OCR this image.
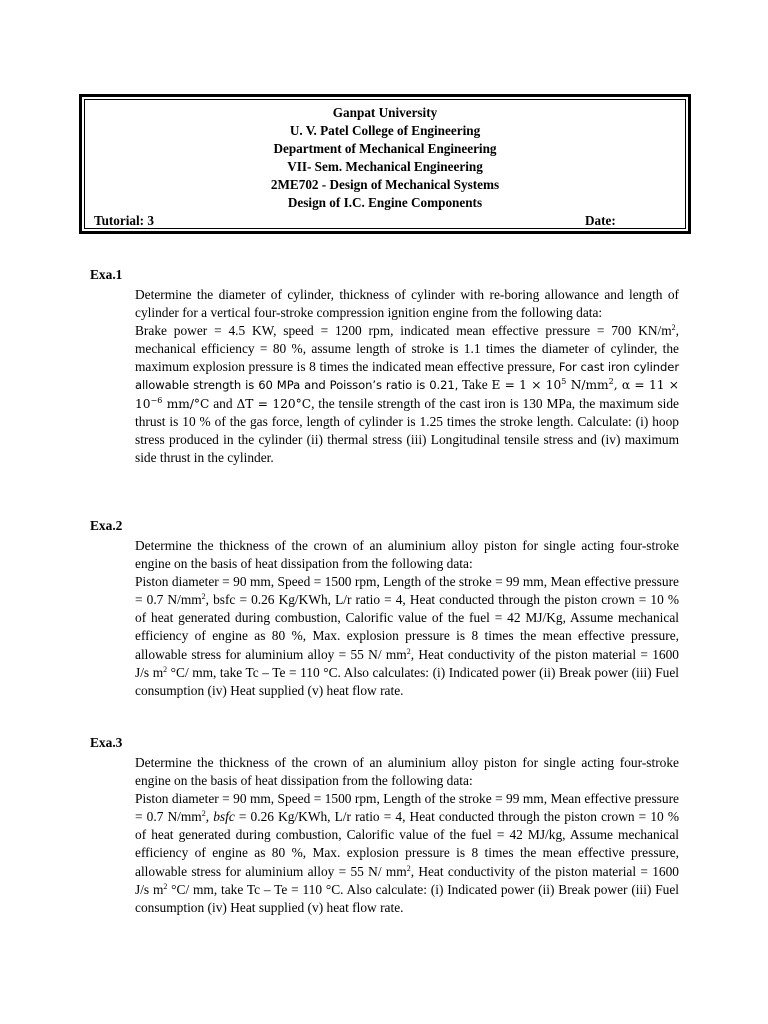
Ganpat University
U. V. Patel College of Engineering
Department of Mechanical Engineering
VII- Sem. Mechanical Engineering
2ME702 - Design of Mechanical Systems
Design of I.C. Engine Components
Tutorial: 3	Date:
Exa.1

Determine the diameter of cylinder, thickness of cylinder with re-boring allowance and length of cylinder for a vertical four-stroke compression ignition engine from the following data:

Brake power = 4.5 KW, speed = 1200 rpm, indicated mean effective pressure = 700 $KN/m^2$, mechanical efficiency = 80 %, assume length of stroke is 1.1 times the diameter of cylinder, the maximum explosion pressure is 8 times the indicated mean effective pressure, For cast iron cylinder allowable strength is 60 MPa and Poisson’s ratio is 0.21, Take $E = 1 \times 10^5$ $N/mm^2$, $\alpha = 11 \times 10^{-6}$ mm/°C and ΔT = 120°C, the tensile strength of the cast iron is 130 MPa, the maximum side thrust is 10 % of the gas force, length of cylinder is 1.25 times the stroke length. Calculate: (i) hoop stress produced in the cylinder (ii) thermal stress (iii) Longitudinal tensile stress and (iv) maximum side thrust in the cylinder.

Exa.2

Determine the thickness of the crown of an aluminium alloy piston for single acting four-stroke engine on the basis of heat dissipation from the following data:

Piston diameter = 90 mm, Speed = 1500 rpm, Length of the stroke = 99 mm, Mean effective pressure = 0.7 $N/mm^2$, bsfc = 0.26 Kg/KWh, L/r ratio = 4, Heat conducted through the piston crown = 10 % of heat generated during combustion, Calorific value of the fuel = 42 MJ/Kg, Assume mechanical efficiency of engine as 80 %, Max. explosion pressure is 8 times the mean effective pressure, allowable stress for aluminium alloy = 55 N/ $mm^2$, Heat conductivity of the piston material = 1600 J/s $m^2$ °C/ mm, take Tc – Te = 110 °C. Also calculates: (i) Indicated power (ii) Break power (iii) Fuel consumption (iv) Heat supplied (v) heat flow rate.

Exa.3

Determine the thickness of the crown of an aluminium alloy piston for single acting four-stroke engine on the basis of heat dissipation from the following data:

Piston diameter = 90 mm, Speed = 1500 rpm, Length of the stroke = 99 mm, Mean effective pressure = 0.7 $N/mm^2$, bsfc = 0.26 Kg/KWh, L/r ratio = 4, Heat conducted through the piston crown = 10 % of heat generated during combustion, Calorific value of the fuel = 42 MJ/kg, Assume mechanical efficiency of engine as 80 %, Max. explosion pressure is 8 times the mean effective pressure, allowable stress for aluminium alloy = 55 N/ $mm^2$, Heat conductivity of the piston material = 1600 J/s $m^2$ °C/ mm, take Tc – Te = 110 °C. Also calculate: (i) Indicated power (ii) Break power (iii) Fuel consumption (iv) Heat supplied (v) heat flow rate.
